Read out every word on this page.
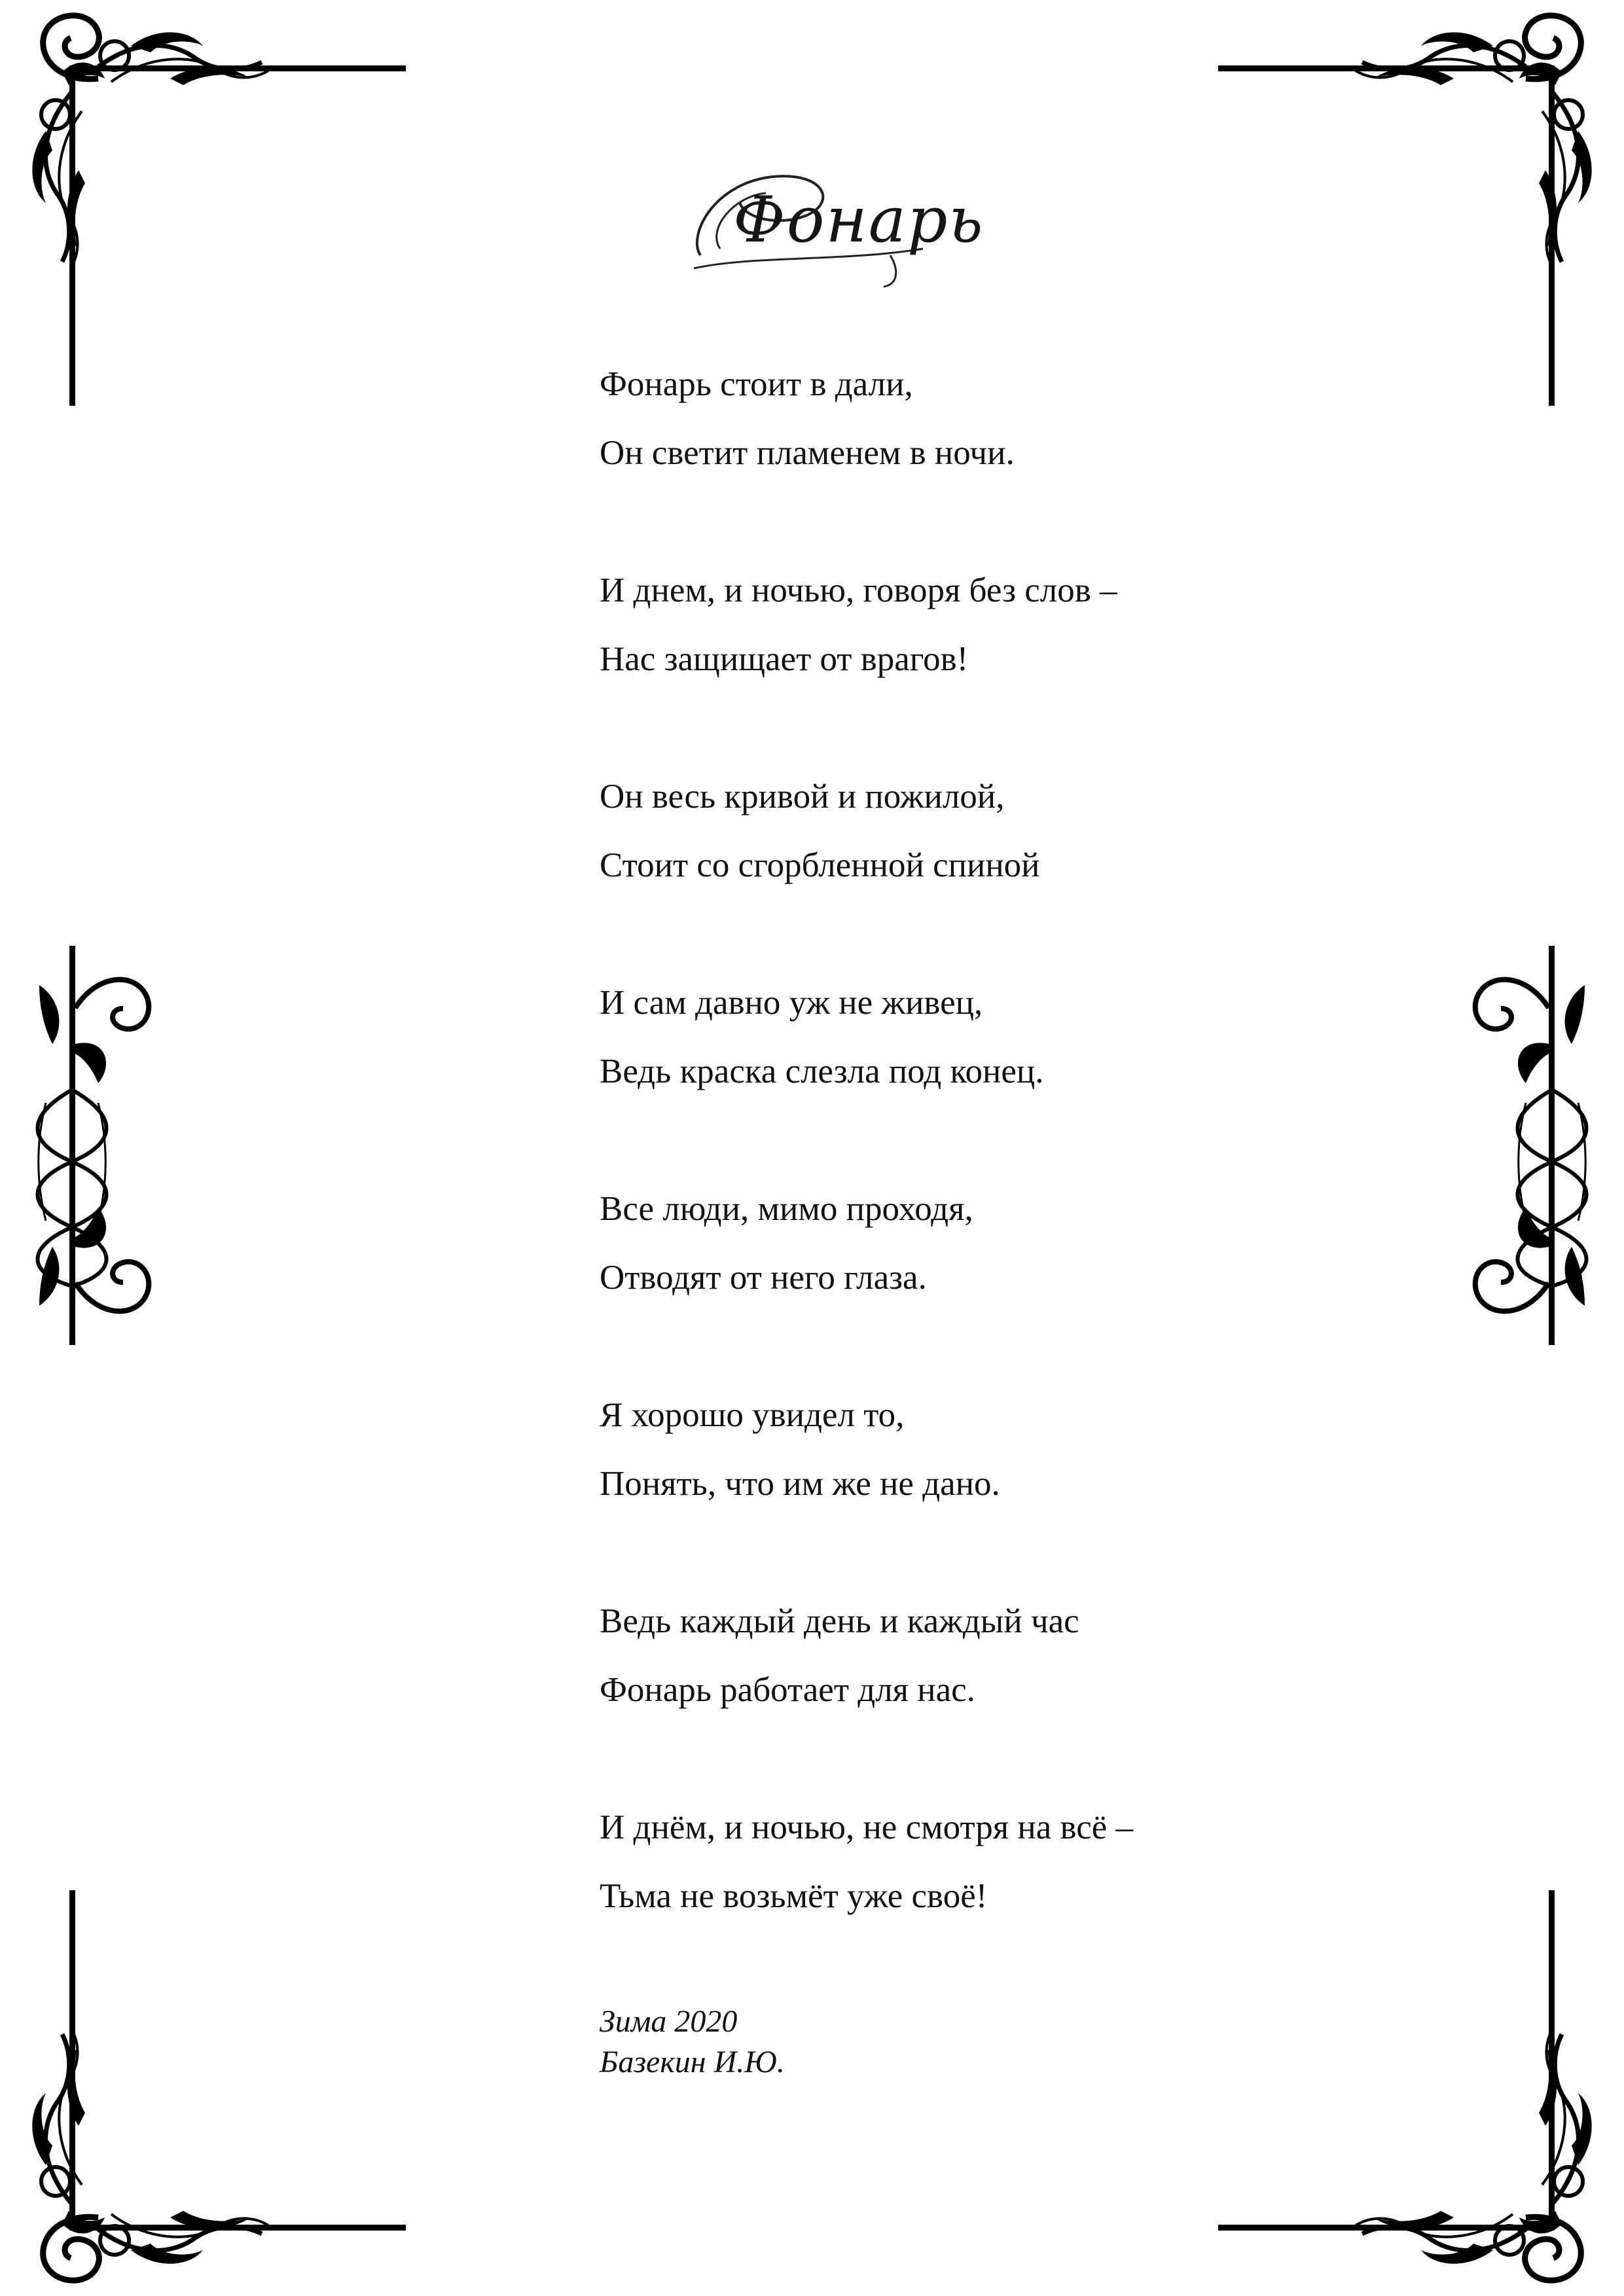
Фонарь
Фонарь стоит в дали,
Он светит пламенем в ночи.
И днем, и ночью, говоря без слов –
Нас защищает от врагов!
Он весь кривой и пожилой,
Стоит со сгорбленной спиной
И сам давно уж не живец,
Ведь краска слезла под конец.
Все люди, мимо проходя,
Отводят от него глаза.
Я хорошо увидел то,
Понять, что им же не дано.
Ведь каждый день и каждый час
Фонарь работает для нас.
И днём, и ночью, не смотря на всё –
Тьма не возьмёт уже своё!
Зима 2020
Базекин И.Ю.
